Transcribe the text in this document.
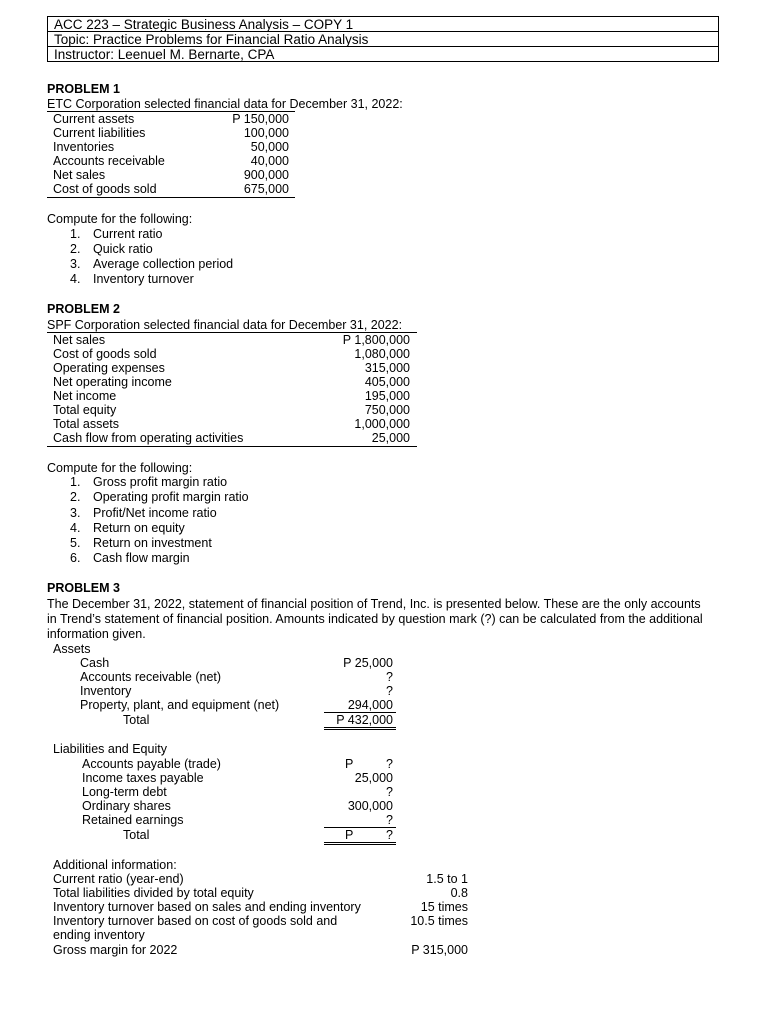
ACC 223 – Strategic Business Analysis – COPY 1
Topic: Practice Problems for Financial Ratio Analysis
Instructor: Leenuel M. Bernarte, CPA
PROBLEM 1
ETC Corporation selected financial data for December 31, 2022:
Current assets	P 150,000
Current liabilities	100,000
Inventories	50,000
Accounts receivable	40,000
Net sales	900,000
Cost of goods sold	675,000
Compute for the following:
1. Current ratio
2. Quick ratio
3. Average collection period
4. Inventory turnover
PROBLEM 2
SPF Corporation selected financial data for December 31, 2022:
Net sales	P 1,800,000
Cost of goods sold	1,080,000
Operating expenses	315,000
Net operating income	405,000
Net income	195,000
Total equity	750,000
Total assets	1,000,000
Cash flow from operating activities	25,000
Compute for the following:
1. Gross profit margin ratio
2. Operating profit margin ratio
3. Profit/Net income ratio
4. Return on equity
5. Return on investment
6. Cash flow margin
PROBLEM 3
The December 31, 2022, statement of financial position of Trend, Inc. is presented below. These are the only accounts
in Trend’s statement of financial position. Amounts indicated by question mark (?) can be calculated from the additional
information given.
Assets
Cash	P 25,000
Accounts receivable (net)	?
Inventory	?
Property, plant, and equipment (net)	294,000
Total	P 432,000
Liabilities and Equity
Accounts payable (trade)	P	?
Income taxes payable	25,000
Long-term debt	?
Ordinary shares	300,000
Retained earnings	?
Total	P	?
Additional information:
Current ratio (year-end)	1.5 to 1
Total liabilities divided by total equity	0.8
Inventory turnover based on sales and ending inventory	15 times
Inventory turnover based on cost of goods sold and	10.5 times
ending inventory
Gross margin for 2022	P 315,000
